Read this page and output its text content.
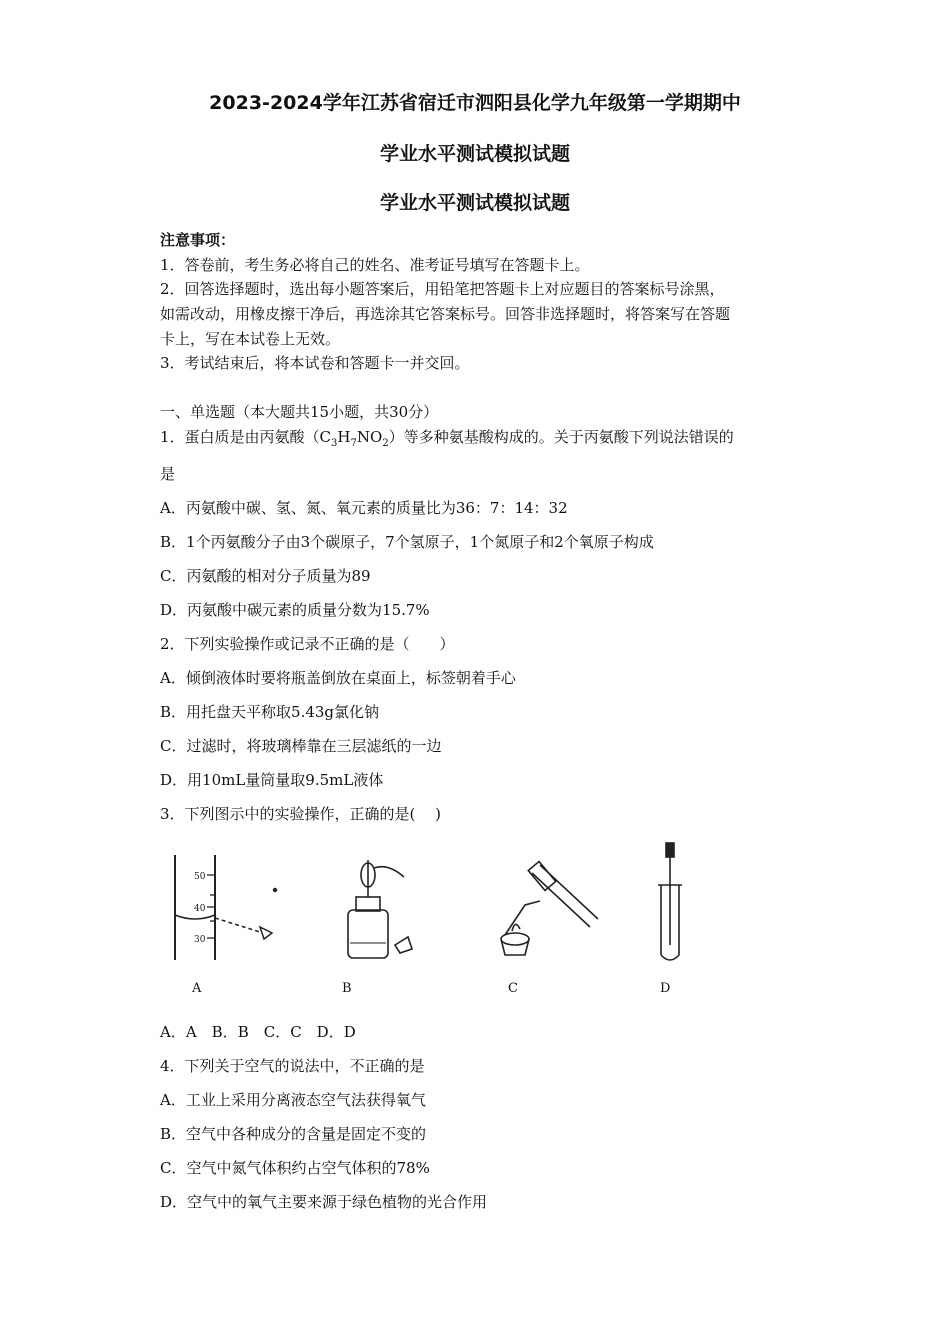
2023-2024学年江苏省宿迁市泗阳县化学九年级第一学期期中
学业水平测试模拟试题
学业水平测试模拟试题
注意事项：
1．答卷前，考生务必将自己的姓名、准考证号填写在答题卡上。
2．回答选择题时，选出每小题答案后，用铅笔把答题卡上对应题目的答案标号涂黑，
如需改动，用橡皮擦干净后，再选涂其它答案标号。回答非选择题时，将答案写在答题
卡上，写在本试卷上无效。
3．考试结束后，将本试卷和答题卡一并交回。
一、单选题（本大题共15小题，共30分）
1．蛋白质是由丙氨酸$(C_3H_7NO_2)$等多种氨基酸构成的。关于丙氨酸下列说法错误的
是
A．丙氨酸中碳、氢、氮、氧元素的质量比为36：7：14：32
B．1个丙氨酸分子由3个碳原子，7个氢原子，1个氮原子和2个氧原子构成
C．丙氨酸的相对分子质量为89
D．丙氨酸中碳元素的质量分数为15.7%
2．下列实验操作或记录不正确的是（　　）
A．倾倒液体时要将瓶盖倒放在桌面上，标签朝着手心
B．用托盘天平称取5.43g氯化钠
C．过滤时，将玻璃棒靠在三层滤纸的一边
D．用10mL量筒量取9.5mL液体
3．下列图示中的实验操作，正确的是(　 )
50
40
30
A	B	C	D
A．A　B．B　C．C　D．D
4．下列关于空气的说法中，不正确的是
A．工业上采用分离液态空气法获得氧气
B．空气中各种成分的含量是固定不变的
C．空气中氮气体积约占空气体积的78%
D．空气中的氧气主要来源于绿色植物的光合作用
